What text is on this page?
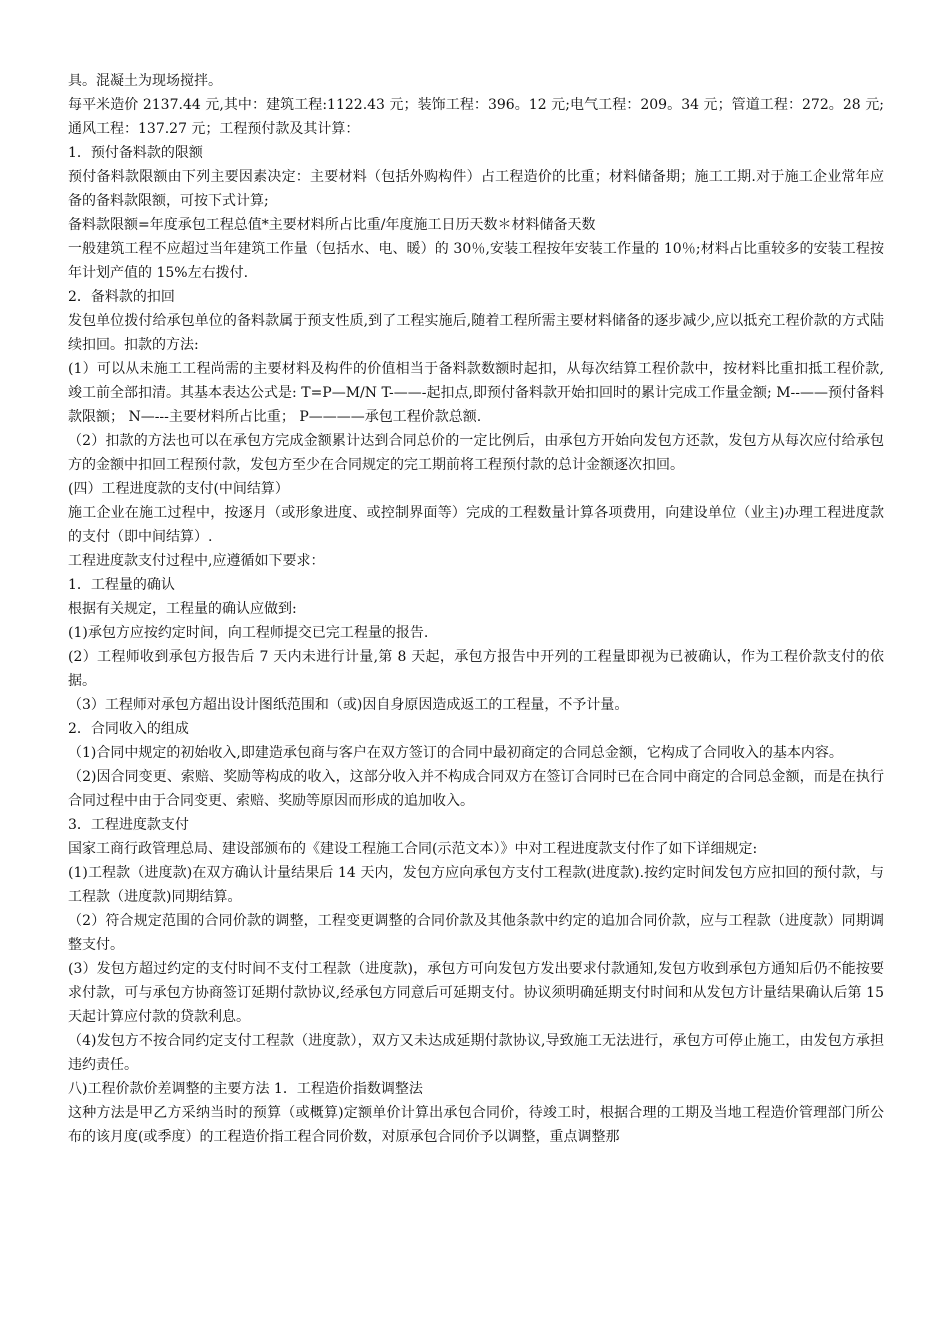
具。混凝土为现场搅拌。

每平米造价 2137.44 元,其中：建筑工程:1122.43 元；装饰工程：396。12 元;电气工程：209。34 元；管道工程：272。28 元;通风工程：137.27 元；工程预付款及其计算：

1．预付备料款的限额

预付备料款限额由下列主要因素决定：主要材料（包括外购构件）占工程造价的比重；材料储备期；施工工期.对于施工企业常年应备的备料款限额，可按下式计算;

备料款限额=年度承包工程总值*主要材料所占比重/年度施工日历天数＊材料储备天数

一般建筑工程不应超过当年建筑工作量（包括水、电、暖）的 30％,安装工程按年安装工作量的 10％;材料占比重较多的安装工程按年计划产值的 15%左右拨付.

2．备料款的扣回

发包单位拨付给承包单位的备料款属于预支性质,到了工程实施后,随着工程所需主要材料储备的逐步减少,应以抵充工程价款的方式陆续扣回。扣款的方法:

(1）可以从未施工工程尚需的主要材料及构件的价值相当于备料款数额时起扣，从每次结算工程价款中，按材料比重扣抵工程价款,竣工前全部扣清。其基本表达公式是: T=P—M/N T-——-起扣点,即预付备料款开始扣回时的累计完成工作量金额; M--——预付备料款限额； N—---主要材料所占比重； P————承包工程价款总额.

（2）扣款的方法也可以在承包方完成金额累计达到合同总价的一定比例后，由承包方开始向发包方还款，发包方从每次应付给承包方的金额中扣回工程预付款，发包方至少在合同规定的完工期前将工程预付款的总计金额逐次扣回。

(四）工程进度款的支付(中间结算）

施工企业在施工过程中，按逐月（或形象进度、或控制界面等）完成的工程数量计算各项费用，向建设单位（业主)办理工程进度款的支付（即中间结算）.

工程进度款支付过程中,应遵循如下要求：

1．工程量的确认

根据有关规定，工程量的确认应做到:

(1)承包方应按约定时间，向工程师提交已完工程量的报告.

(2）工程师收到承包方报告后 7 天内未进行计量,第 8 天起，承包方报告中开列的工程量即视为已被确认，作为工程价款支付的依据。

（3）工程师对承包方超出设计图纸范围和（或)因自身原因造成返工的工程量，不予计量。

2．合同收入的组成

（1)合同中规定的初始收入,即建造承包商与客户在双方签订的合同中最初商定的合同总金额，它构成了合同收入的基本内容。

（2)因合同变更、索赔、奖励等构成的收入，这部分收入并不构成合同双方在签订合同时已在合同中商定的合同总金额，而是在执行合同过程中由于合同变更、索赔、奖励等原因而形成的追加收入。

3．工程进度款支付

国家工商行政管理总局、建设部颁布的《建设工程施工合同(示范文本）》中对工程进度款支付作了如下详细规定:

(1)工程款（进度款)在双方确认计量结果后 14 天内，发包方应向承包方支付工程款(进度款).按约定时间发包方应扣回的预付款，与工程款（进度款)同期结算。

（2）符合规定范围的合同价款的调整，工程变更调整的合同价款及其他条款中约定的追加合同价款，应与工程款（进度款）同期调整支付。

(3）发包方超过约定的支付时间不支付工程款（进度款)，承包方可向发包方发出要求付款通知,发包方收到承包方通知后仍不能按要求付款，可与承包方协商签订延期付款协议,经承包方同意后可延期支付。协议须明确延期支付时间和从发包方计量结果确认后第 15 天起计算应付款的贷款利息。

（4)发包方不按合同约定支付工程款（进度款），双方又未达成延期付款协议,导致施工无法进行，承包方可停止施工，由发包方承担违约责任。

八)工程价款价差调整的主要方法 1．工程造价指数调整法

这种方法是甲乙方采纳当时的预算（或概算)定额单价计算出承包合同价，待竣工时，根据合理的工期及当地工程造价管理部门所公布的该月度(或季度）的工程造价指工程合同价数，对原承包合同价予以调整，重点调整那
